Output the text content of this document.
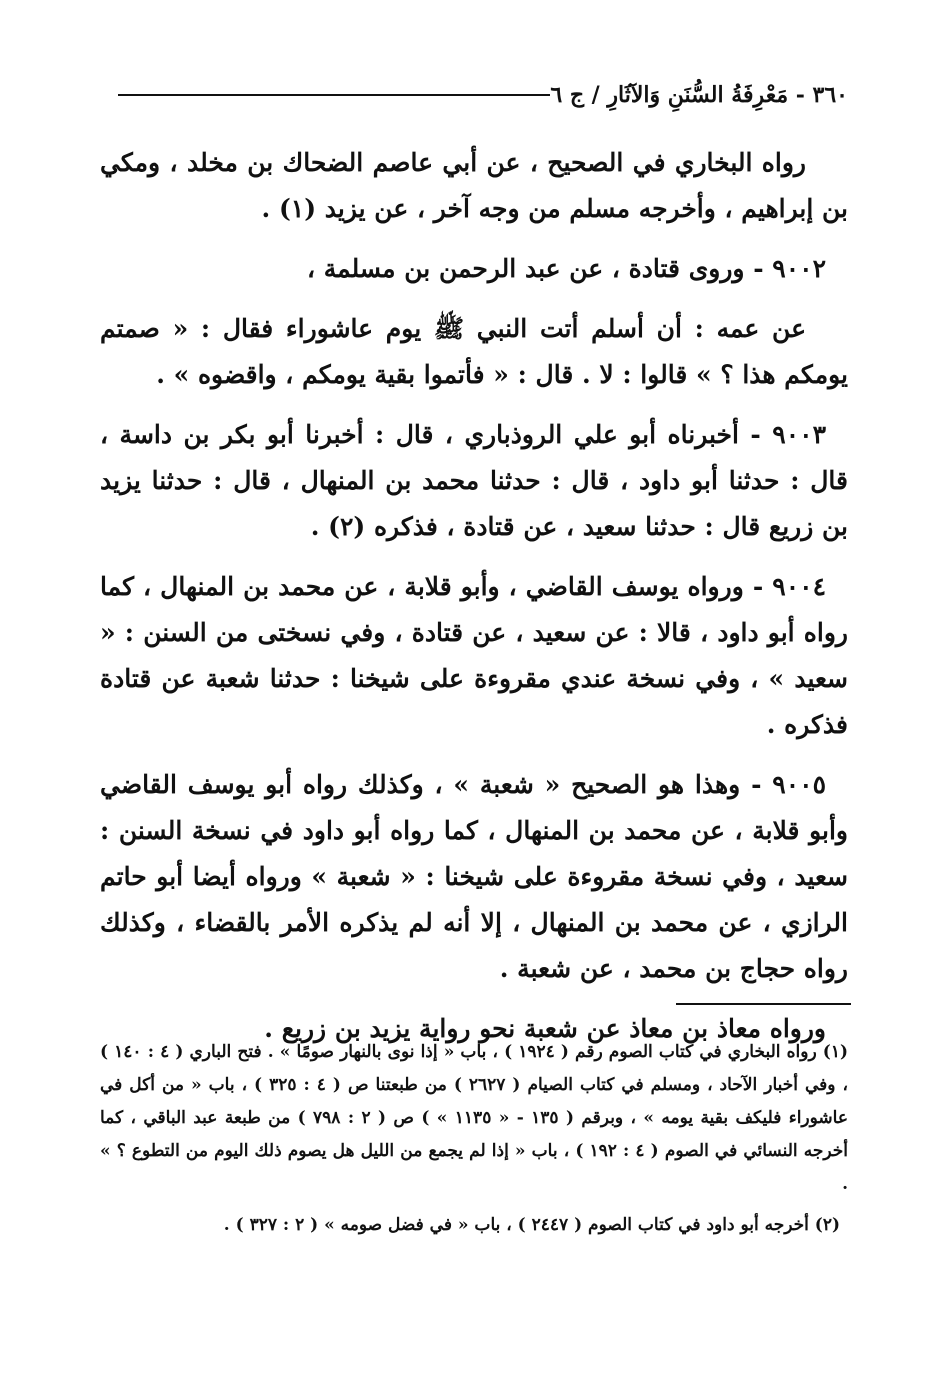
٣٦٠ - مَعْرِفَةُ السُّنَنِ وَالآثَارِ / ج ٦

رواه البخاري في الصحيح ، عن أبي عاصم الضحاك بن مخلد ، ومكي بن إبراهيم ، وأخرجه مسلم من وجه آخر ، عن يزيد (١) .

٩٠٠٢ - وروى قتادة ، عن عبد الرحمن بن مسلمة ،

عن عمه : أن أسلم أتت النبي ﷺ يوم عاشوراء فقال : « صمتم يومكم هذا ؟ » قالوا : لا . قال : « فأتموا بقية يومكم ، واقضوه » .

٩٠٠٣ - أخبرناه أبو علي الروذباري ، قال : أخبرنا أبو بكر بن داسة ، قال : حدثنا أبو داود ، قال : حدثنا محمد بن المنهال ، قال : حدثنا يزيد بن زريع قال : حدثنا سعيد ، عن قتادة ، فذكره (٢) .

٩٠٠٤ - ورواه يوسف القاضي ، وأبو قلابة ، عن محمد بن المنهال ، كما رواه أبو داود ، قالا : عن سعيد ، عن قتادة ، وفي نسختى من السنن : « سعيد » ، وفي نسخة عندي مقروءة على شيخنا : حدثنا شعبة عن قتادة فذكره .

٩٠٠٥ - وهذا هو الصحيح « شعبة » ، وكذلك رواه أبو يوسف القاضي وأبو قلابة ، عن محمد بن المنهال ، كما رواه أبو داود في نسخة السنن : سعيد ، وفي نسخة مقروءة على شيخنا : « شعبة » ورواه أيضا أبو حاتم الرازي ، عن محمد بن المنهال ، إلا أنه لم يذكره الأمر بالقضاء ، وكذلك رواه حجاج بن محمد ، عن شعبة .

ورواه معاذ بن معاذ عن شعبة نحو رواية يزيد بن زريع .

(١) رواه البخاري في كتاب الصوم رقم ( ١٩٢٤ ) ، باب « إذا نوى بالنهار صومًا » . فتح الباري ( ٤ : ١٤٠ ) ، وفي أخبار الآحاد ، ومسلم في كتاب الصيام ( ٢٦٢٧ ) من طبعتنا ص ( ٤ : ٣٢٥ ) ، باب « من أكل في عاشوراء فليكف بقية يومه » ، وبرقم ( ١٣٥ - « ١١٣٥ » ) ص ( ٢ : ٧٩٨ ) من طبعة عبد الباقي ، كما أخرجه النسائي في الصوم ( ٤ : ١٩٢ ) ، باب « إذا لم يجمع من الليل هل يصوم ذلك اليوم من التطوع ؟ » .

(٢) أخرجه أبو داود في كتاب الصوم ( ٢٤٤٧ ) ، باب « في فضل صومه » ( ٢ : ٣٢٧ ) .
